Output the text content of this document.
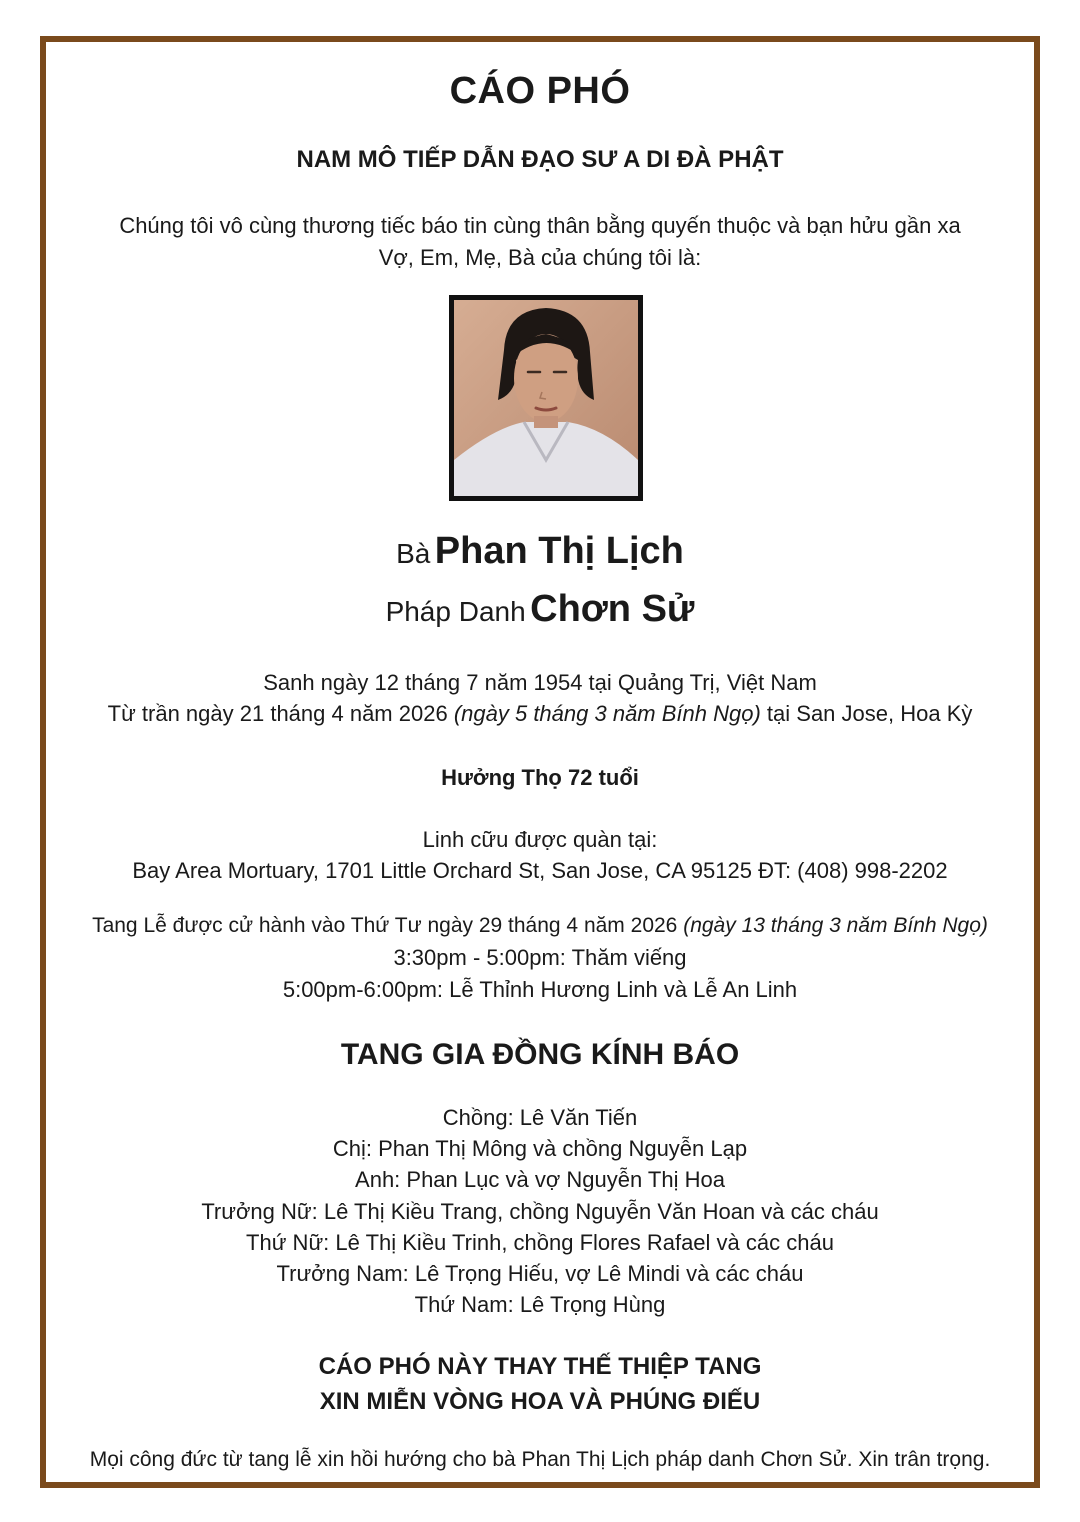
CÁO PHÓ
NAM MÔ TIẾP DẪN ĐẠO SƯ A DI ĐÀ PHẬT
Chúng tôi vô cùng thương tiếc báo tin cùng thân bằng quyến thuộc và bạn hửu gần xa
Vợ, Em, Mẹ, Bà của chúng tôi là:
Bà Phan Thị Lịch
Pháp Danh Chơn Sử
Sanh ngày 12 tháng 7 năm 1954 tại Quảng Trị, Việt Nam
Từ trần ngày 21 tháng 4 năm 2026 (ngày 5 tháng 3 năm Bính Ngọ) tại San Jose, Hoa Kỳ
Hưởng Thọ 72 tuổi
Linh cữu được quàn tại:
Bay Area Mortuary, 1701 Little Orchard St, San Jose, CA 95125 ĐT: (408) 998-2202
Tang Lễ được cử hành vào Thứ Tư ngày 29 tháng 4 năm 2026 (ngày 13 tháng 3 năm Bính Ngọ)
3:30pm - 5:00pm: Thăm viếng
5:00pm-6:00pm: Lễ Thỉnh Hương Linh và Lễ An Linh
TANG GIA ĐỒNG KÍNH BÁO
Chồng: Lê Văn Tiến
Chị: Phan Thị Mông và chồng Nguyễn Lạp
Anh: Phan Lục và vợ Nguyễn Thị Hoa
Trưởng Nữ: Lê Thị Kiều Trang, chồng Nguyễn Văn Hoan và các cháu
Thứ Nữ: Lê Thị Kiều Trinh, chồng Flores Rafael và các cháu
Trưởng Nam: Lê Trọng Hiếu, vợ Lê Mindi và các cháu
Thứ Nam: Lê Trọng Hùng
CÁO PHÓ NÀY THAY THẾ THIỆP TANG
XIN MIỄN VÒNG HOA VÀ PHÚNG ĐIẾU
Mọi công đức từ tang lễ xin hồi hướng cho bà Phan Thị Lịch pháp danh Chơn Sử. Xin trân trọng.
